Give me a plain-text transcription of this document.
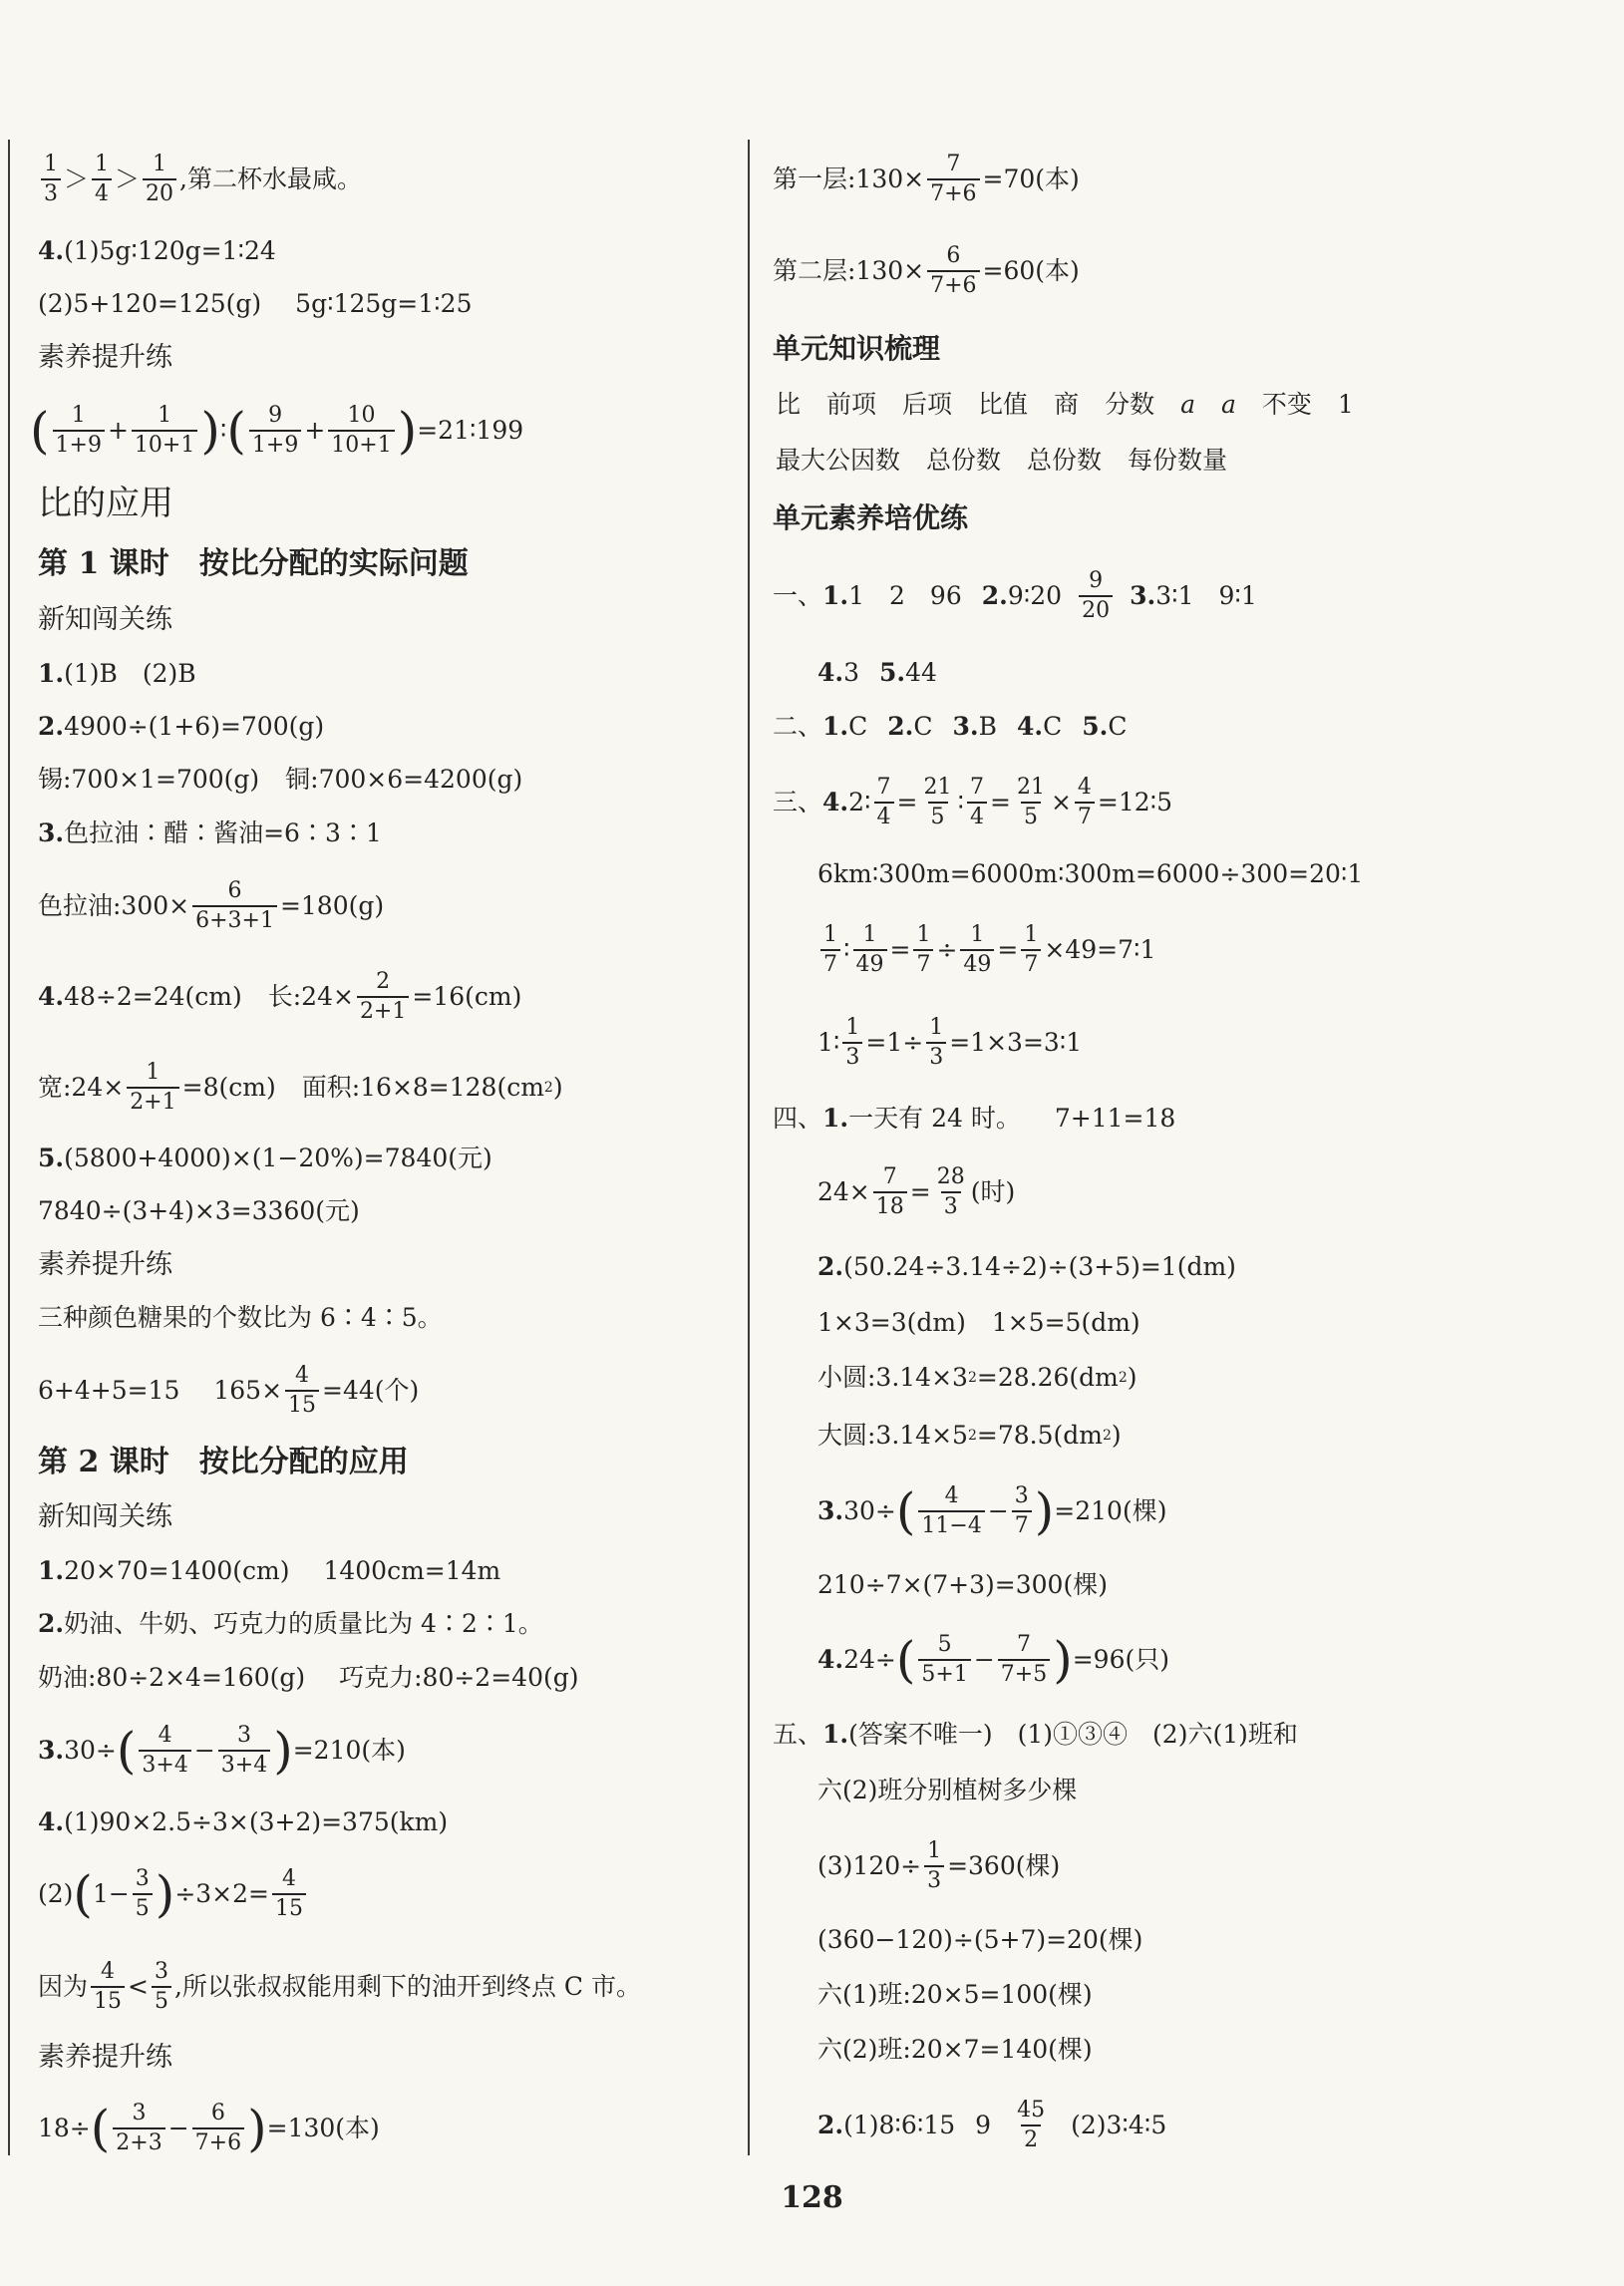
1
3
＞
1
4
＞
1
20
,第二杯水最咸。
4. (1)5g∶120g=1∶24
(2)5+120=125(g) 5g∶125g=1∶25
素养提升练
( 1
1+9
+ $\frac{1}{10+1}$ ) ∶ ( 9
1+9
+ $\frac{10}{10+1}$ ) =21∶199
比的应用
第 1 课时　按比分配的实际问题
新知闯关练
1. (1)B　(2)B
2. 4900÷(1+6)=700(g)
锡:700×1=700(g) 铜:700×6=4200(g)
3. 色拉油∶醋∶酱油=6∶3∶1
色拉油:300× $\frac{6}{6+3+1} =180(g)$
4. 48÷2=24(cm) 长:24× $\frac{2}{2+1} =16(cm)$
宽:24× $\frac{1}{2+1} =8(cm)$ 面积:16×8=128(cm 2 )
5. (5800+4000)×(1−20%)=7840(元)
7840÷(3+4)×3=3360(元)
素养提升练
三种颜色糖果的个数比为 6∶4∶5。
6+4+5=15 $165\times \frac{4}{15} =44$(个)
第 2 课时　按比分配的应用
新知闯关练
1. 20×70=1400(cm) 1400cm=14m
2. 奶油、牛奶、巧克力的质量比为 4∶2∶1。
奶油:80÷2×4=160(g) 巧克力:80÷2=40(g)
3. 30÷ ( 4
3+4
− $\frac{3}{3+4}$ ) =210(本)
4. (1)90×2.5÷3×(3+2)=375(km)
(2) ( $1- \frac{3}{5}$ ) $\div 3\times 2= \frac{4}{15}$
因为
4
15
<
3
5
,所以张叔叔能用剩下的油开到终点 C 市。
素养提升练
18÷ ( 3
2+3
− $\frac{6}{7+6}$ ) =130(本)
第一层:130× $\frac{7}{7+6} =70$(本)
第二层:130× $\frac{6}{7+6} =60$(本)
单元知识梳理
比 前项 后项 比值 商 分数 a a 不变 1
最大公因数 总份数 总份数 每份数量
单元素养培优练
一、 1. 1　2　96 2. 9∶20
9
20
3. 3∶1　9∶1
4. 3 5. 44
二、 1. C 2. C 3. B 4. C 5. C
三、 4. 2∶ $\frac{7}{4} = \frac{21}{5}$ ∶ $\frac{7}{4} = \frac{21}{5} \times \frac{4}{7}$ =12∶5
6km∶300m=6000m∶300m=6000÷300=20∶1
1
7
∶ $\frac{1}{49} = \frac{1}{7} \div \frac{1}{49} = \frac{1}{7}$ ×49=7∶1
1∶ $\frac{1}{3} =1\div \frac{1}{3}$ =1×3=3∶1
四、 1. 一天有 24 时。 7+11=18
$24\times \frac{7}{18} = \frac{28}{3}$ (时)
2. (50.24÷3.14÷2)÷(3+5)=1(dm)
1×3=3(dm) 1×5=5(dm)
小圆:3.14×3 2 =28.26(dm 2 )
大圆:3.14×5 2 =78.5(dm 2 )
3. 30÷ ( 4
11−4
− $\frac{3}{7}$ ) =210(棵)
210÷7×(7+3)=300(棵)
4. 24÷ ( 5
5+1
− $\frac{7}{7+5}$ ) =96(只)
五、 1. (答案不唯一)　(1)①③④　(2)六(1)班和
六(2)班分别植树多少棵
$(3)120\div \frac{1}{3} =360$(棵)
(360−120)÷(5+7)=20(棵)
六(1)班:20×5=100(棵)
六(2)班:20×7=140(棵)
2. (1)8∶6∶15 9
45
2
(2)3∶4∶5
128
